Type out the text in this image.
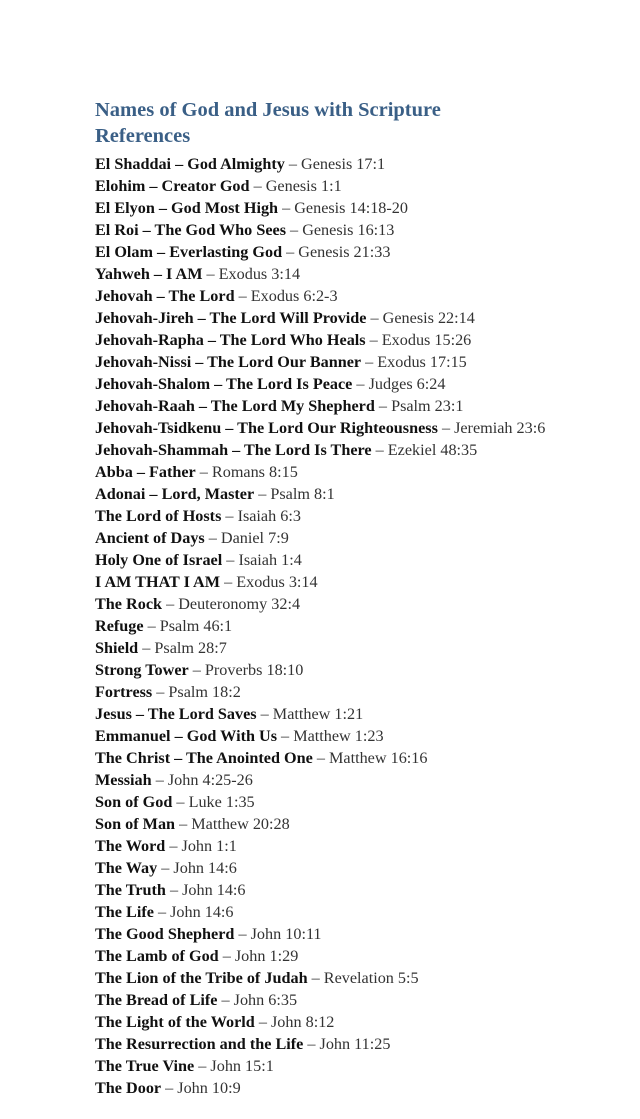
Names of God and Jesus with Scripture References
El Shaddai – God Almighty – Genesis 17:1
Elohim – Creator God – Genesis 1:1
El Elyon – God Most High – Genesis 14:18-20
El Roi – The God Who Sees – Genesis 16:13
El Olam – Everlasting God – Genesis 21:33
Yahweh – I AM – Exodus 3:14
Jehovah – The Lord – Exodus 6:2-3
Jehovah-Jireh – The Lord Will Provide – Genesis 22:14
Jehovah-Rapha – The Lord Who Heals – Exodus 15:26
Jehovah-Nissi – The Lord Our Banner – Exodus 17:15
Jehovah-Shalom – The Lord Is Peace – Judges 6:24
Jehovah-Raah – The Lord My Shepherd – Psalm 23:1
Jehovah-Tsidkenu – The Lord Our Righteousness – Jeremiah 23:6
Jehovah-Shammah – The Lord Is There – Ezekiel 48:35
Abba – Father – Romans 8:15
Adonai – Lord, Master – Psalm 8:1
The Lord of Hosts – Isaiah 6:3
Ancient of Days – Daniel 7:9
Holy One of Israel – Isaiah 1:4
I AM THAT I AM – Exodus 3:14
The Rock – Deuteronomy 32:4
Refuge – Psalm 46:1
Shield – Psalm 28:7
Strong Tower – Proverbs 18:10
Fortress – Psalm 18:2
Jesus – The Lord Saves – Matthew 1:21
Emmanuel – God With Us – Matthew 1:23
The Christ – The Anointed One – Matthew 16:16
Messiah – John 4:25-26
Son of God – Luke 1:35
Son of Man – Matthew 20:28
The Word – John 1:1
The Way – John 14:6
The Truth – John 14:6
The Life – John 14:6
The Good Shepherd – John 10:11
The Lamb of God – John 1:29
The Lion of the Tribe of Judah – Revelation 5:5
The Bread of Life – John 6:35
The Light of the World – John 8:12
The Resurrection and the Life – John 11:25
The True Vine – John 15:1
The Door – John 10:9
